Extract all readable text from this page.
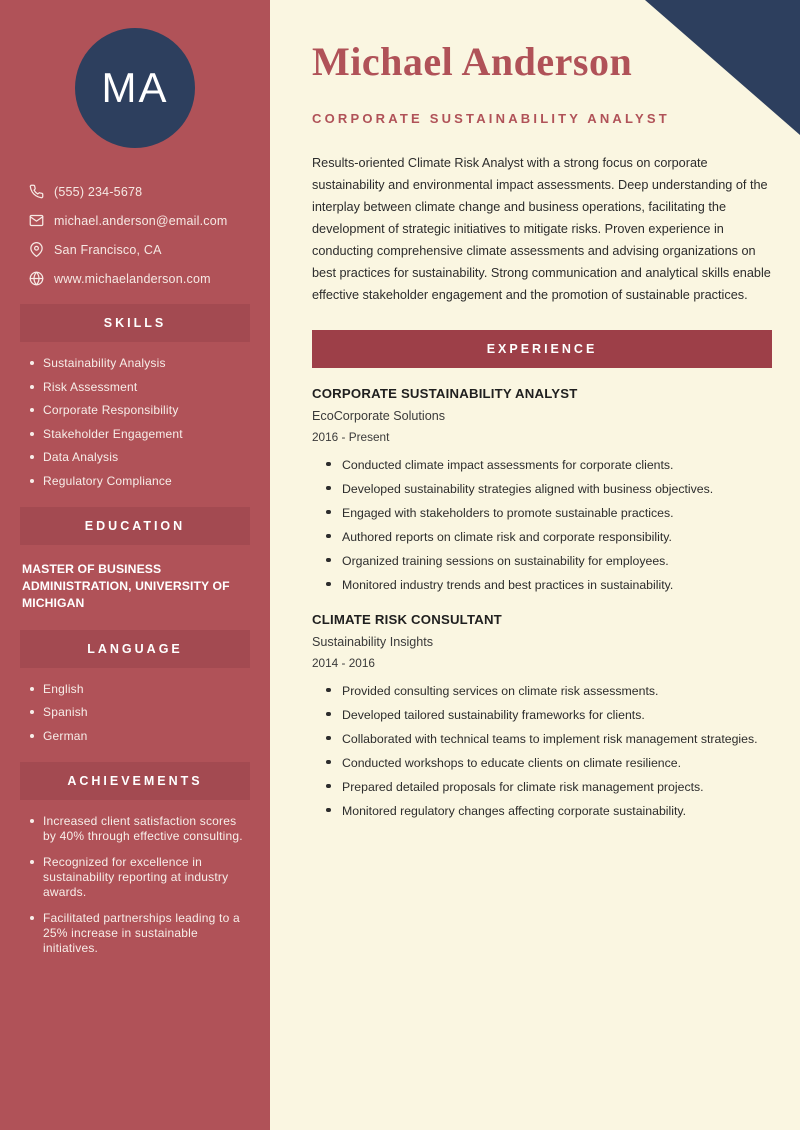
MA
(555) 234-5678
michael.anderson@email.com
San Francisco, CA
www.michaelanderson.com
SKILLS
Sustainability Analysis
Risk Assessment
Corporate Responsibility
Stakeholder Engagement
Data Analysis
Regulatory Compliance
EDUCATION
MASTER OF BUSINESS ADMINISTRATION, UNIVERSITY OF MICHIGAN
LANGUAGE
English
Spanish
German
ACHIEVEMENTS
Increased client satisfaction scores by 40% through effective consulting.
Recognized for excellence in sustainability reporting at industry awards.
Facilitated partnerships leading to a 25% increase in sustainable initiatives.
Michael Anderson
CORPORATE SUSTAINABILITY ANALYST

Results-oriented Climate Risk Analyst with a strong focus on corporate sustainability and environmental impact assessments. Deep understanding of the interplay between climate change and business operations, facilitating the development of strategic initiatives to mitigate risks. Proven experience in conducting comprehensive climate assessments and advising organizations on best practices for sustainability. Strong communication and analytical skills enable effective stakeholder engagement and the promotion of sustainable practices.

EXPERIENCE
CORPORATE SUSTAINABILITY ANALYST
EcoCorporate Solutions
2016 - Present
Conducted climate impact assessments for corporate clients.
Developed sustainability strategies aligned with business objectives.
Engaged with stakeholders to promote sustainable practices.
Authored reports on climate risk and corporate responsibility.
Organized training sessions on sustainability for employees.
Monitored industry trends and best practices in sustainability.
CLIMATE RISK CONSULTANT
Sustainability Insights
2014 - 2016
Provided consulting services on climate risk assessments.
Developed tailored sustainability frameworks for clients.
Collaborated with technical teams to implement risk management strategies.
Conducted workshops to educate clients on climate resilience.
Prepared detailed proposals for climate risk management projects.
Monitored regulatory changes affecting corporate sustainability.
